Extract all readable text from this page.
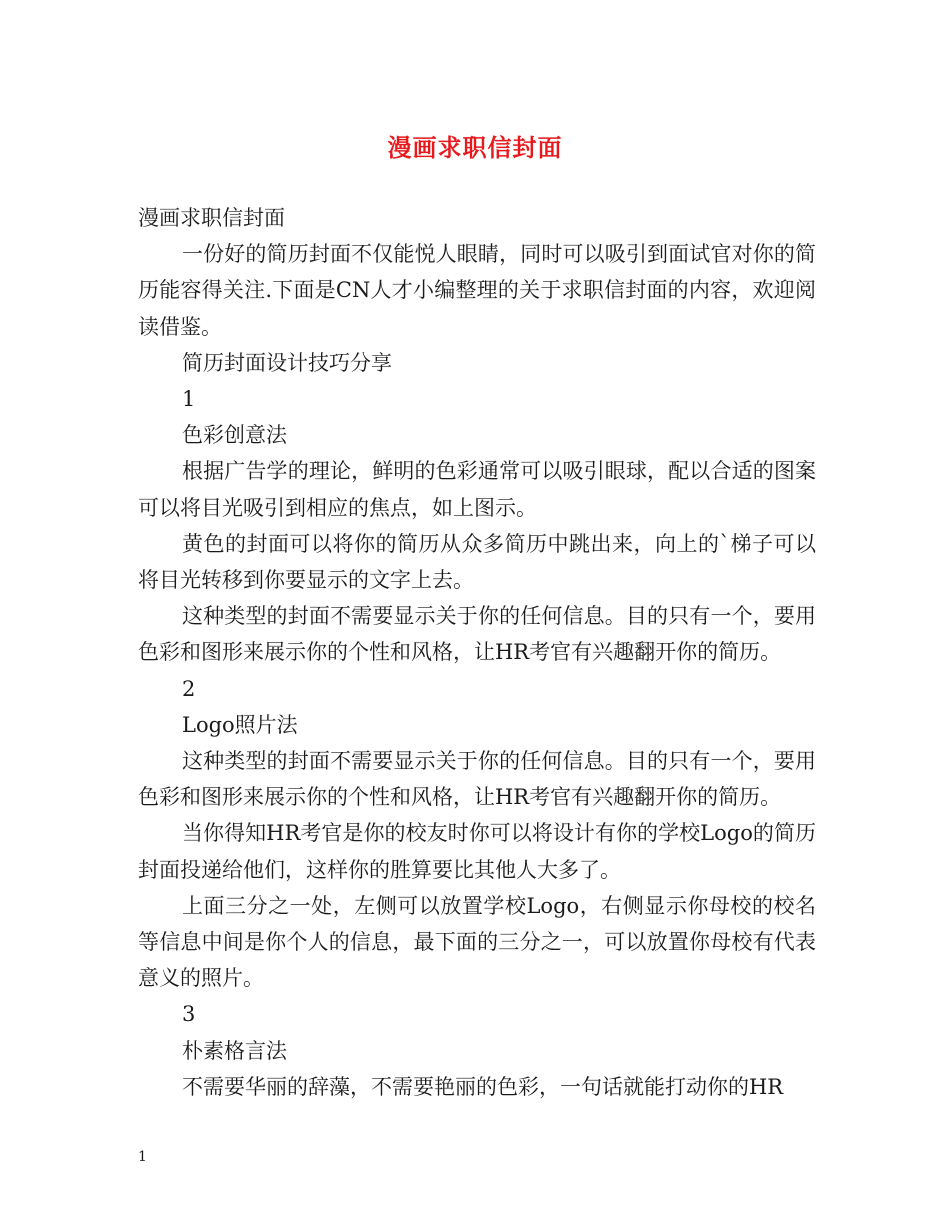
漫画求职信封面

漫画求职信封面

一份好的简历封面不仅能悦人眼睛，同时可以吸引到面试官对你的简历能容得关注.下面是CN人才小编整理的关于求职信封面的内容，欢迎阅读借鉴。

简历封面设计技巧分享

1

色彩创意法

根据广告学的理论，鲜明的色彩通常可以吸引眼球，配以合适的图案可以将目光吸引到相应的焦点，如上图示。

黄色的封面可以将你的简历从众多简历中跳出来，向上的`梯子可以将目光转移到你要显示的文字上去。

这种类型的封面不需要显示关于你的任何信息。目的只有一个，要用色彩和图形来展示你的个性和风格，让HR考官有兴趣翻开你的简历。

2

Logo照片法

这种类型的封面不需要显示关于你的任何信息。目的只有一个，要用色彩和图形来展示你的个性和风格，让HR考官有兴趣翻开你的简历。

当你得知HR考官是你的校友时你可以将设计有你的学校Logo的简历封面投递给他们，这样你的胜算要比其他人大多了。

上面三分之一处，左侧可以放置学校Logo，右侧显示你母校的校名等信息中间是你个人的信息，最下面的三分之一，可以放置你母校有代表意义的照片。

3

朴素格言法

不需要华丽的辞藻，不需要艳丽的色彩，一句话就能打动你的HR

1
